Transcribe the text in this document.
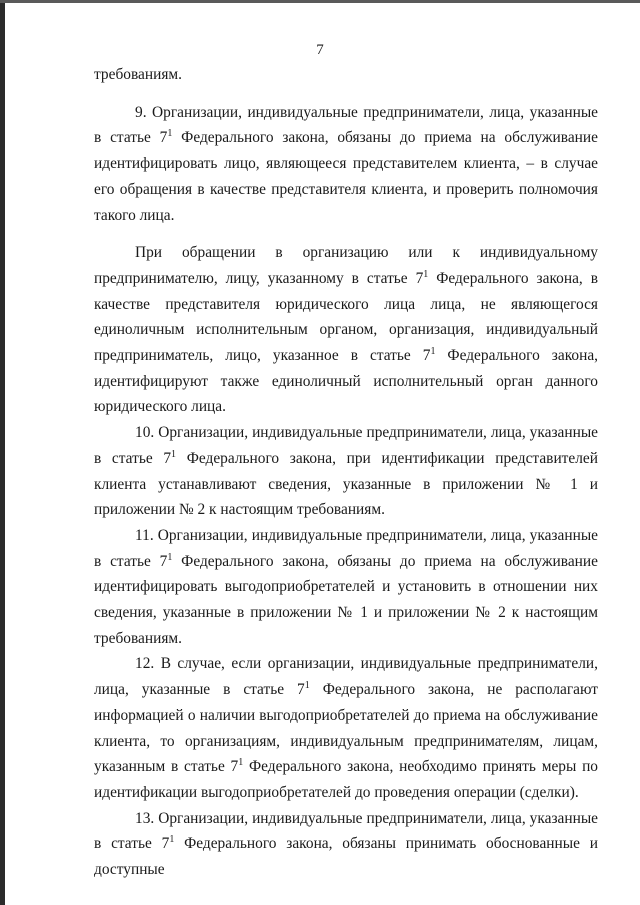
7

требованиям.

9. Организации, индивидуальные предприниматели, лица, указанные в статье $7^1$ Федерального закона, обязаны до приема на обслуживание идентифицировать лицо, являющееся представителем клиента, – в случае его обращения в качестве представителя клиента, и проверить полномочия такого лица.

При обращении в организацию или к индивидуальному предпринимателю, лицу, указанному в статье $7^1$ Федерального закона, в качестве представителя юридического лица лица, не являющегося единоличным исполнительным органом, организация, индивидуальный предприниматель, лицо, указанное в статье $7^1$ Федерального закона, идентифицируют также единоличный исполнительный орган данного юридического лица.

10. Организации, индивидуальные предприниматели, лица, указанные в статье $7^1$ Федерального закона, при идентификации представителей клиента устанавливают сведения, указанные в приложении № 1 и приложении № 2 к настоящим требованиям.

11. Организации, индивидуальные предприниматели, лица, указанные в статье $7^1$ Федерального закона, обязаны до приема на обслуживание идентифицировать выгодоприобретателей и установить в отношении них сведения, указанные в приложении № 1 и приложении № 2 к настоящим требованиям.

12. В случае, если организации, индивидуальные предприниматели, лица, указанные в статье $7^1$ Федерального закона, не располагают информацией о наличии выгодоприобретателей до приема на обслуживание клиента, то организациям, индивидуальным предпринимателям, лицам, указанным в статье $7^1$ Федерального закона, необходимо принять меры по идентификации выгодоприобретателей до проведения операции (сделки).

13. Организации, индивидуальные предприниматели, лица, указанные в статье $7^1$ Федерального закона, обязаны принимать обоснованные и доступные
